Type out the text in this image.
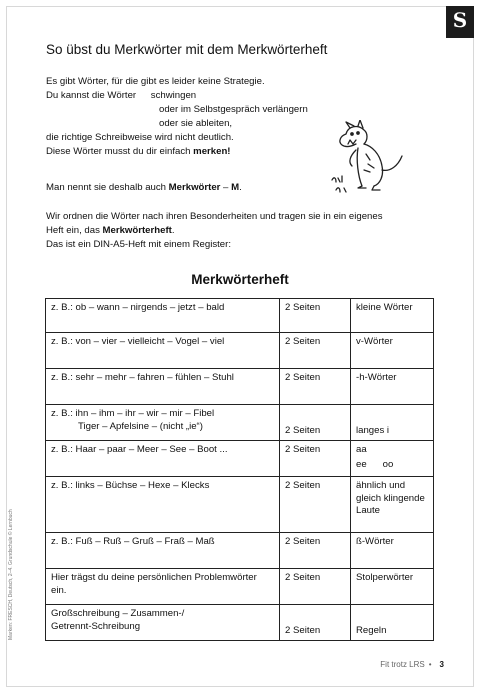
S
So übst du Merkwörter mit dem Merkwörterheft
Es gibt Wörter, für die gibt es leider keine Strategie.
Du kannst die Wörter schwingen
oder im Selbstgespräch verlängern
oder sie ableiten,
die richtige Schreibweise wird nicht deutlich.
Diese Wörter musst du dir einfach merken!
Man nennt sie deshalb auch Merkwörter – M.
Wir ordnen die Wörter nach ihren Besonderheiten und tragen sie in ein eigenes
Heft ein, das Merkwörterheft.
Das ist ein DIN-A5-Heft mit einem Register:
Merkwörterheft
z. B.: ob – wann – nirgends – jetzt – bald	2 Seiten	kleine Wörter
z. B.: von – vier – vielleicht – Vogel – viel	2 Seiten	v-Wörter
z. B.: sehr – mehr – fahren – fühlen – Stuhl	2 Seiten	-h-Wörter

z. B.: ihn – ihm – ihr – wir – mir – Fibel
Tiger – Apfelsine – (nicht „ie“)	2 Seiten	langes i
z. B.: Haar – paar – Meer – See – Boot ...	2 Seiten	aa
ee      oo

z. B.: links – Büchse – Hexe – Klecks	2 Seiten	ähnlich und gleich klingende Laute
z. B.: Fuß – Ruß – Gruß – Fraß – Maß	2 Seiten	ß-Wörter
Hier trägst du deine persönlichen Problemwörter ein.	2 Seiten	Stolperwörter

Großschreibung – Zusammen-/
Getrennt-Schreibung	2 Seiten	Regeln
Marken: FRESCH, Deutsch, 2–4. Grundschule © Lernbuch
Fit trotz LRS • 3
